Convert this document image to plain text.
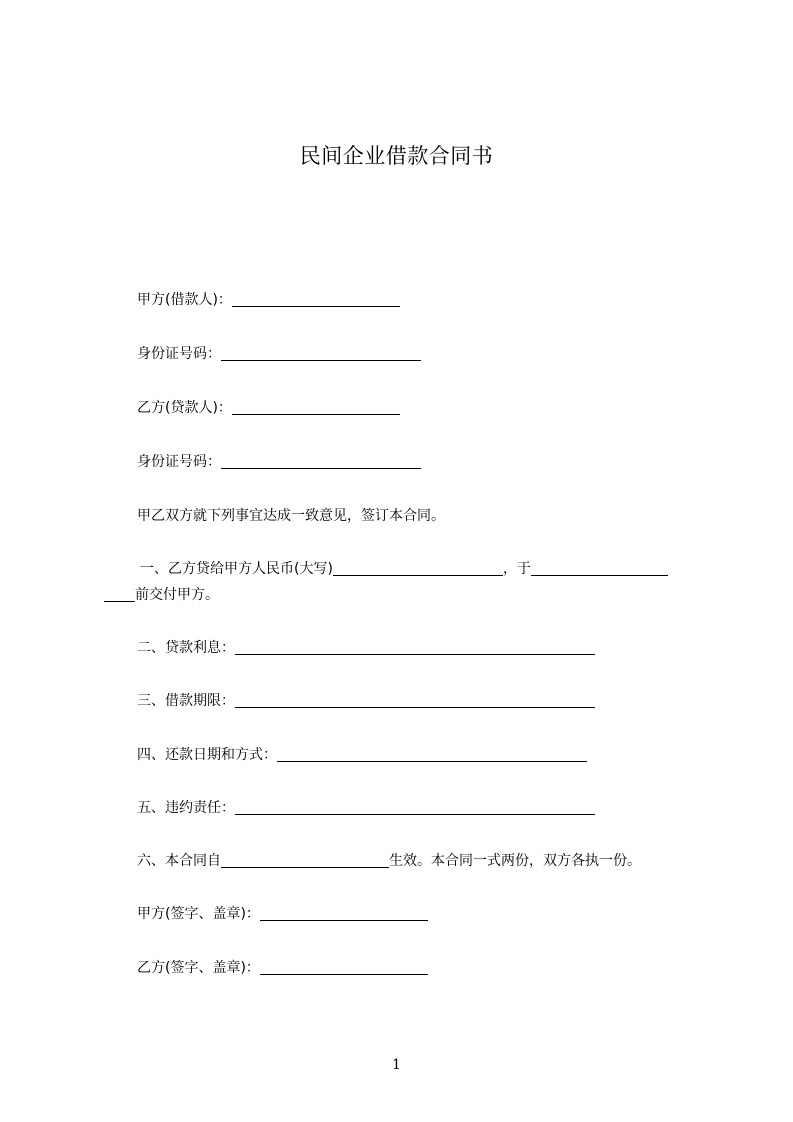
民间企业借款合同书
甲方(借款人)：
身份证号码：
乙方(贷款人)：
身份证号码：
甲乙双方就下列事宜达成一致意见，签订本合同。
一、乙方贷给甲方人民币(大写)	，于
前交付甲方。
二、贷款利息：
三、借款期限：
四、还款日期和方式：
五、违约责任：
六、本合同自	生效。本合同一式两份，双方各执一份。
甲方(签字、盖章)：
乙方(签字、盖章)：
1
